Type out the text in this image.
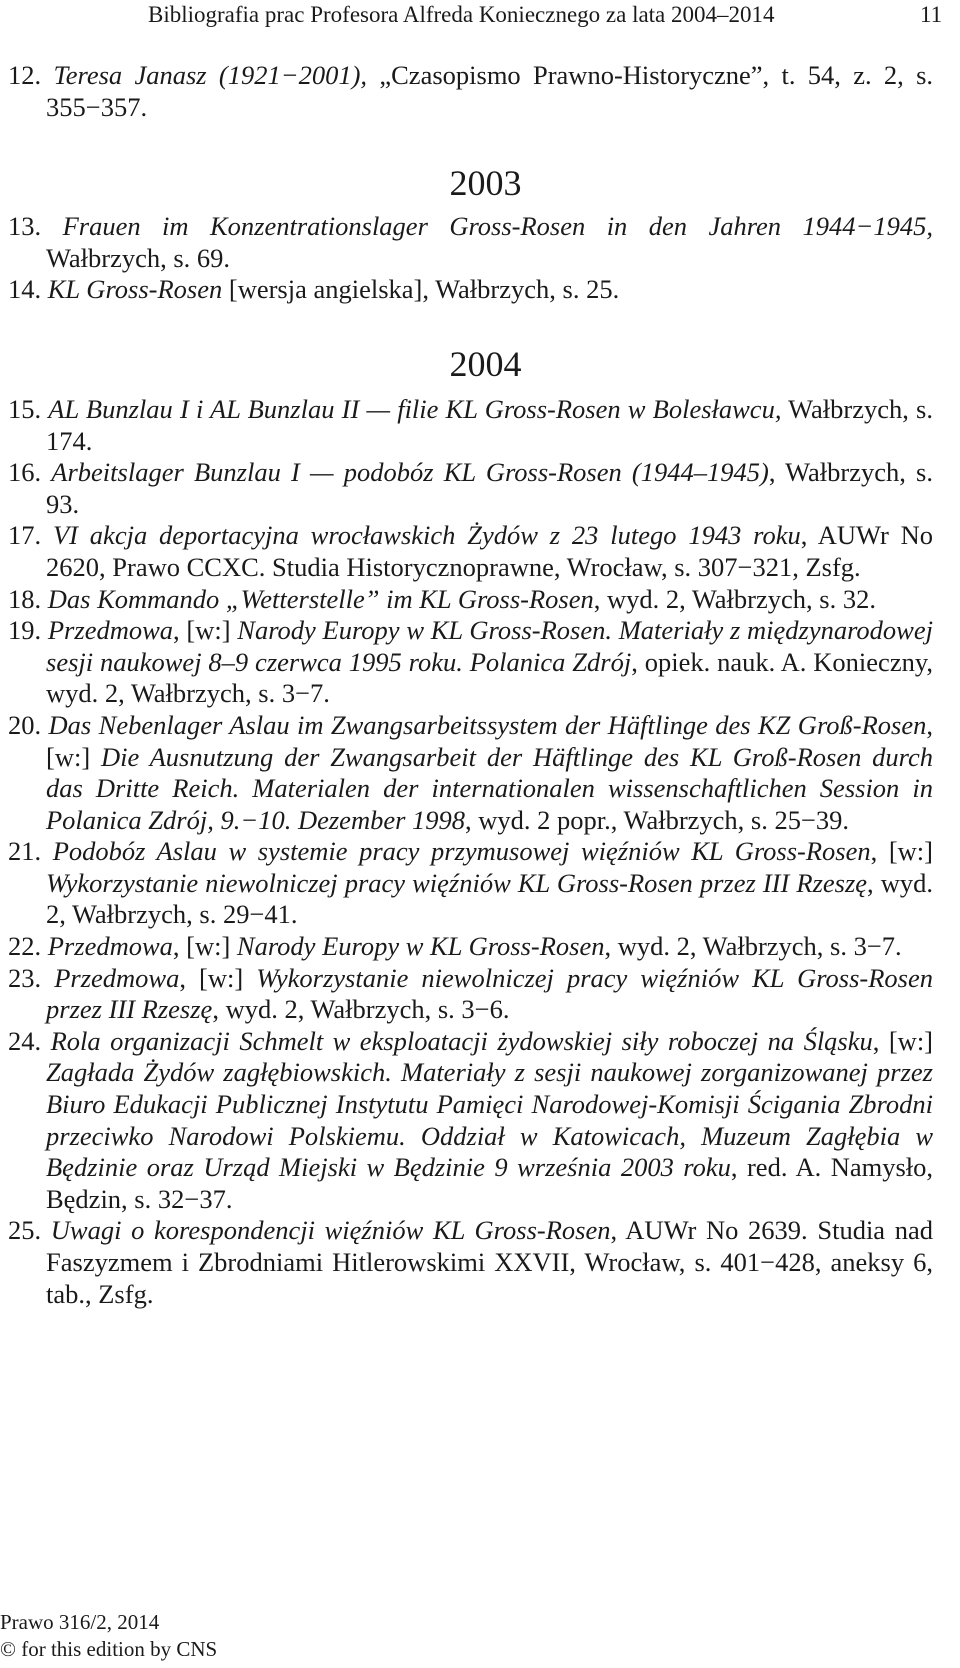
Bibliografia prac Profesora Alfreda Koniecznego za lata 2004–2014	11

12. Teresa Janasz (1921−2001), „Czasopismo Prawno-Historyczne”, t. 54, z. 2, s. 355−357.

2003

13. Frauen im Konzentrationslager Gross-Rosen in den Jahren 1944−1945, Wałbrzych, s. 69.

14. KL Gross-Rosen [wersja angielska], Wałbrzych, s. 25.

2004

15. AL Bunzlau I i AL Bunzlau II — filie KL Gross-Rosen w Bolesławcu, Wałbrzych, s. 174.

16. Arbeitslager Bunzlau I — podobóz KL Gross-Rosen (1944–1945), Wałbrzych, s. 93.

17. VI akcja deportacyjna wrocławskich Żydów z 23 lutego 1943 roku, AUWr No 2620, Prawo CCXC. Studia Historycznoprawne, Wrocław, s. 307−321, Zsfg.

18. Das Kommando „Wetterstelle” im KL Gross-Rosen, wyd. 2, Wałbrzych, s. 32.

19. Przedmowa, [w:] Narody Europy w KL Gross-Rosen. Materiały z międzynarodowej sesji naukowej 8–9 czerwca 1995 roku. Polanica Zdrój, opiek. nauk. A. Konieczny, wyd. 2, Wałbrzych, s. 3−7.

20. Das Nebenlager Aslau im Zwangsarbeitssystem der Häftlinge des KZ Groß-Rosen, [w:] Die Ausnutzung der Zwangsarbeit der Häftlinge des KL Groß-Rosen durch das Dritte Reich. Materialen der internationalen wissenschaftlichen Session in Polanica Zdrój, 9.−10. Dezember 1998, wyd. 2 popr., Wałbrzych, s. 25−39.

21. Podobóz Aslau w systemie pracy przymusowej więźniów KL Gross-Rosen, [w:] Wykorzystanie niewolniczej pracy więźniów KL Gross-Rosen przez III Rzeszę, wyd. 2, Wałbrzych, s. 29−41.

22. Przedmowa, [w:] Narody Europy w KL Gross-Rosen, wyd. 2, Wałbrzych, s. 3−7.

23. Przedmowa, [w:] Wykorzystanie niewolniczej pracy więźniów KL Gross-Rosen przez III Rzeszę, wyd. 2, Wałbrzych, s. 3−6.

24. Rola organizacji Schmelt w eksploatacji żydowskiej siły roboczej na Śląsku, [w:] Zagłada Żydów zagłębiowskich. Materiały z sesji naukowej zorganizowanej przez Biuro Edukacji Publicznej Instytutu Pamięci Narodowej-Komisji Ścigania Zbrodni przeciwko Narodowi Polskiemu. Oddział w Katowicach, Muzeum Zagłębia w Będzinie oraz Urząd Miejski w Będzinie 9 września 2003 roku, red. A. Namysło, Będzin, s. 32−37.

25. Uwagi o korespondencji więźniów KL Gross-Rosen, AUWr No 2639. Studia nad Faszyzmem i Zbrodniami Hitlerowskimi XXVII, Wrocław, s. 401−428, aneksy 6, tab., Zsfg.

Prawo 316/2, 2014
© for this edition by CNS
